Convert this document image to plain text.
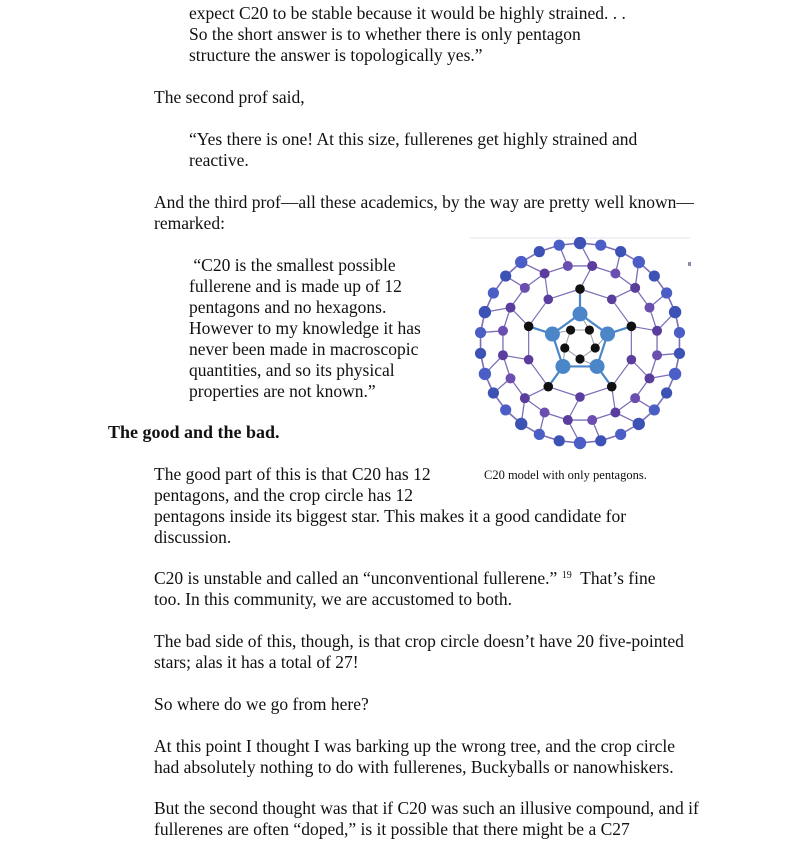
expect C20 to be stable because it would be highly strained. . .
So the short answer is to whether there is only pentagon
structure the answer is topologically yes.”
The second prof said,
“Yes there is one! At this size, fullerenes get highly strained and
reactive.
And the third prof—all these academics, by the way are pretty well known—
remarked:
“C20 is the smallest possible
fullerene and is made up of 12
pentagons and no hexagons.
However to my knowledge it has
never been made in macroscopic
quantities, and so its physical
properties are not known.”
The good and the bad.
C20 model with only pentagons.
The good part of this is that C20 has 12
pentagons, and the crop circle has 12
pentagons inside its biggest star. This makes it a good candidate for
discussion.
C20 is unstable and called an “unconventional fullerene.” $^{19}$  That’s fine
too. In this community, we are accustomed to both.
The bad side of this, though, is that crop circle doesn’t have 20 five-pointed
stars; alas it has a total of 27!
So where do we go from here?
At this point I thought I was barking up the wrong tree, and the crop circle
had absolutely nothing to do with fullerenes, Buckyballs or nanowhiskers.
But the second thought was that if C20 was such an illusive compound, and if
fullerenes are often “doped,” is it possible that there might be a C27
